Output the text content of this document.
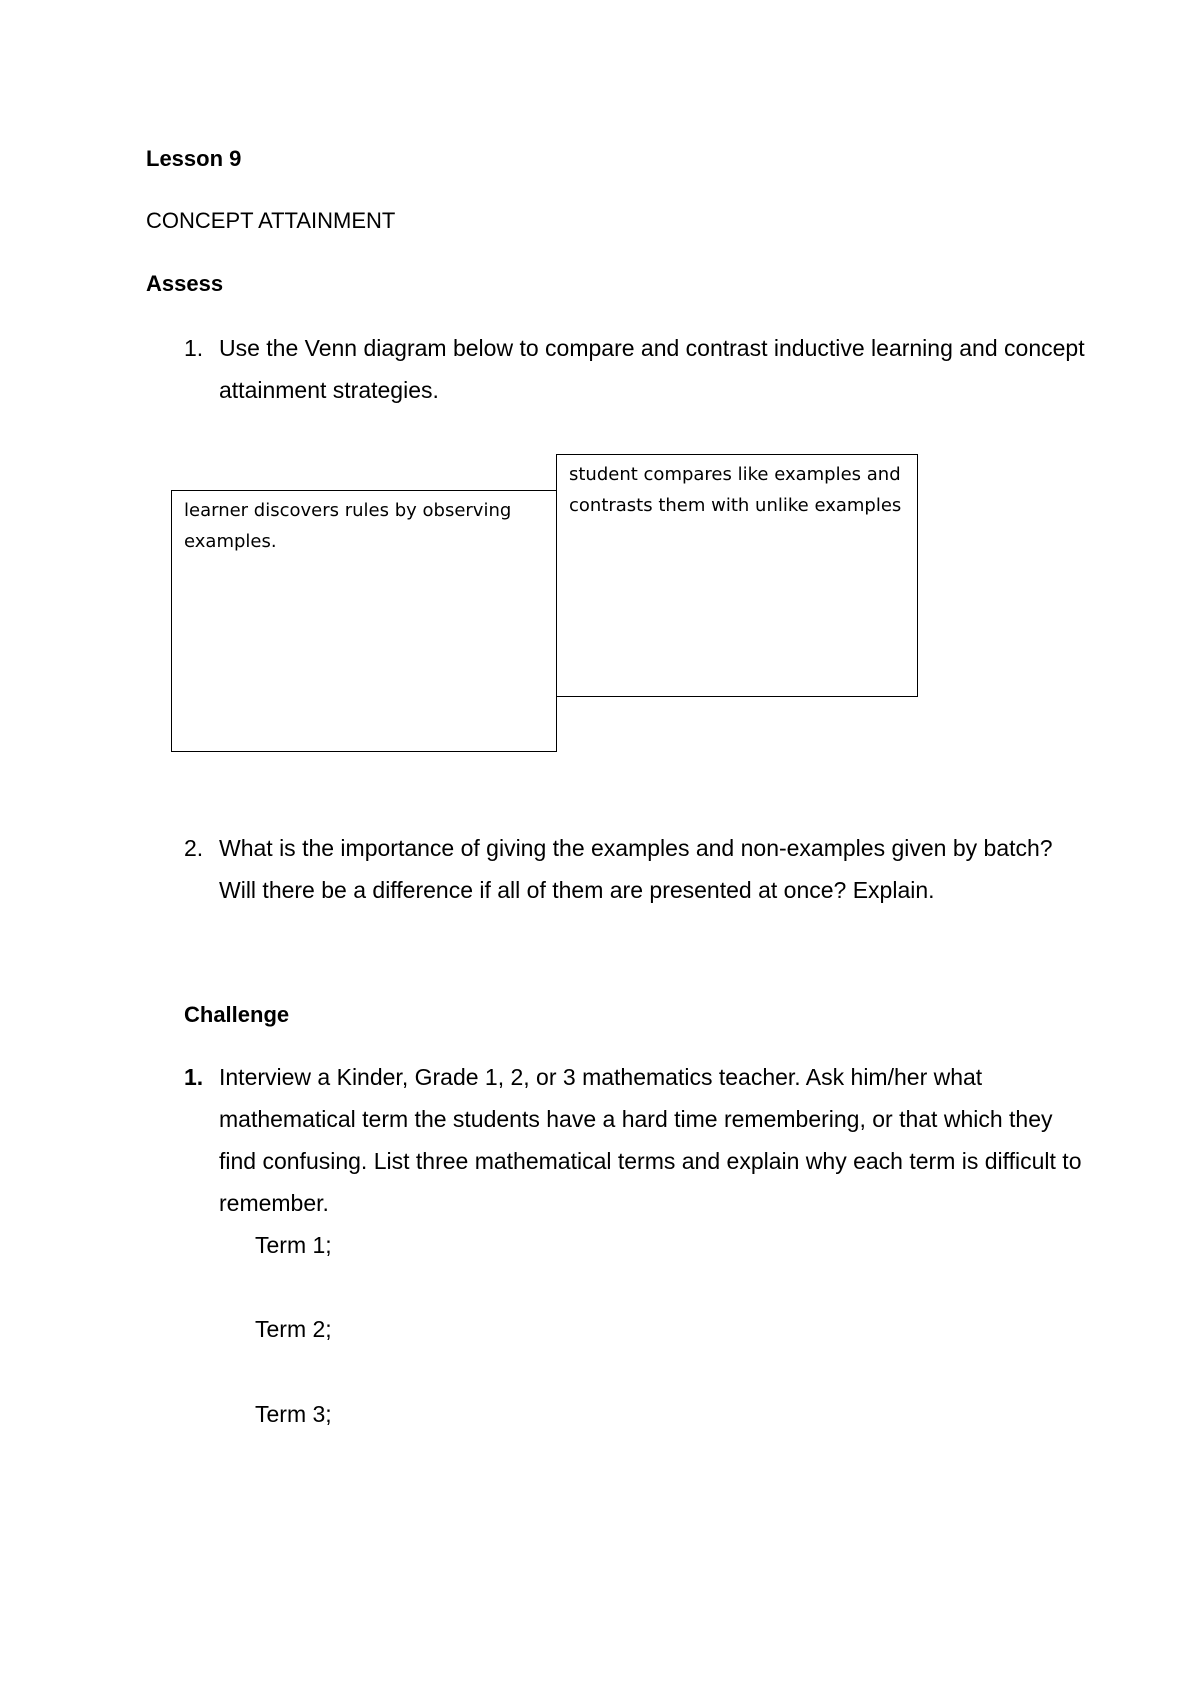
Lesson 9
CONCEPT ATTAINMENT
Assess
1. Use the Venn diagram below to compare and contrast inductive learning and concept attainment strategies.
learner discovers rules by observing examples.
student compares like examples and contrasts them with unlike examples
2. What is the importance of giving the examples and non-examples given by batch? Will there be a difference if all of them are presented at once? Explain.
Challenge
1. Interview a Kinder, Grade 1, 2, or 3 mathematics teacher. Ask him/her what mathematical term the students have a hard time remembering, or that which they find confusing. List three mathematical terms and explain why each term is difficult to remember.
Term 1;
Term 2;
Term 3;
